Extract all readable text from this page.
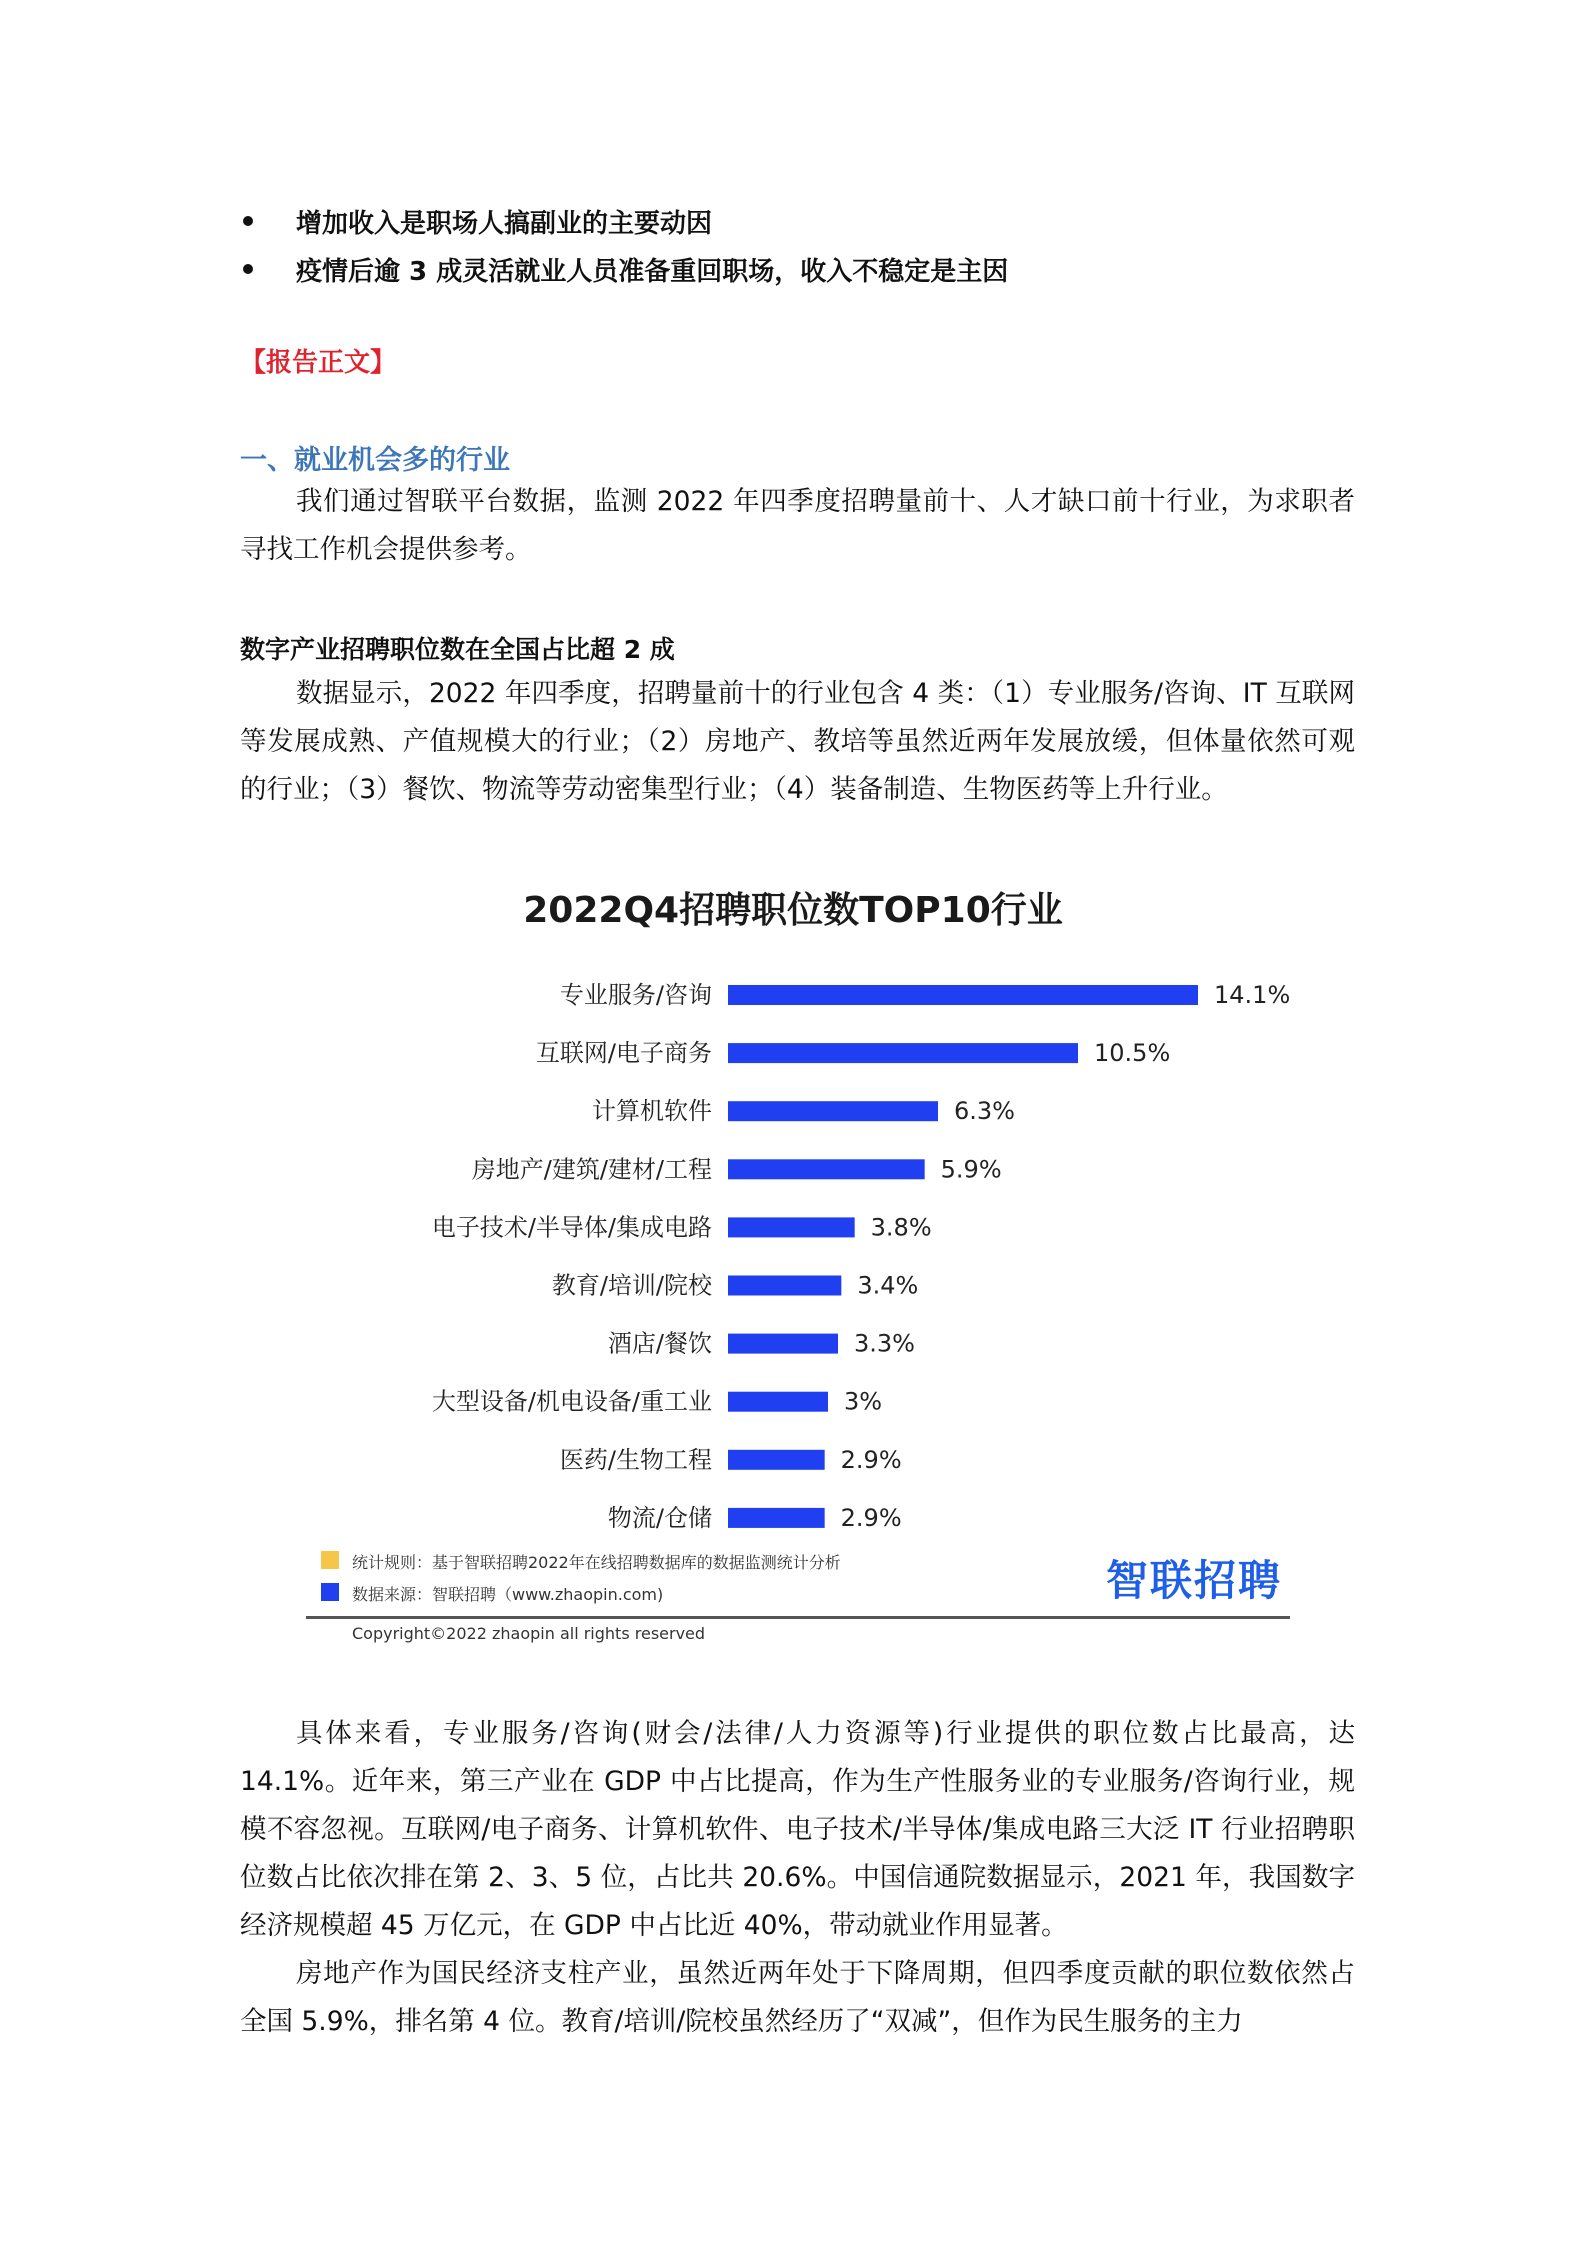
增加收入是职场人搞副业的主要动因
疫情后逾 3 成灵活就业人员准备重回职场，收入不稳定是主因
【报告正文】
一、就业机会多的行业

我们通过智联平台数据，监测 2022 年四季度招聘量前十、人才缺口前十行业，为求职者寻找工作机会提供参考。

数字产业招聘职位数在全国占比超 2 成

数据显示，2022 年四季度，招聘量前十的行业包含 4 类：（1）专业服务/咨询、IT 互联网等发展成熟、产值规模大的行业；（2）房地产、教培等虽然近两年发展放缓，但体量依然可观的行业；（3）餐饮、物流等劳动密集型行业；（4）装备制造、生物医药等上升行业。

2022Q4招聘职位数TOP10行业
专业服务/咨询	14.1%
互联网/电子商务	10.5%
计算机软件	6.3%
房地产/建筑/建材/工程	5.9%
电子技术/半导体/集成电路	3.8%
教育/培训/院校	3.4%
酒店/餐饮	3.3%
大型设备/机电设备/重工业	3%
医药/生物工程	2.9%
物流/仓储	2.9%
统计规则：基于智联招聘2022年在线招聘数据库的数据监测统计分析
数据来源：智联招聘（www.zhaopin.com)	智联招聘
Copyright©2022 zhaopin all rights reserved

具体来看，专业服务/咨询(财会/法律/人力资源等)行业提供的职位数占比最高，达 14.1%。近年来，第三产业在 GDP 中占比提高，作为生产性服务业的专业服务/咨询行业，规模不容忽视。互联网/电子商务、计算机软件、电子技术/半导体/集成电路三大泛 IT 行业招聘职位数占比依次排在第 2、3、5 位，占比共 20.6%。中国信通院数据显示，2021 年，我国数字经济规模超 45 万亿元，在 GDP 中占比近 40%，带动就业作用显著。

房地产作为国民经济支柱产业，虽然近两年处于下降周期，但四季度贡献的职位数依然占全国 5.9%，排名第 4 位。教育/培训/院校虽然经历了“双减”，但作为民生服务的主力
